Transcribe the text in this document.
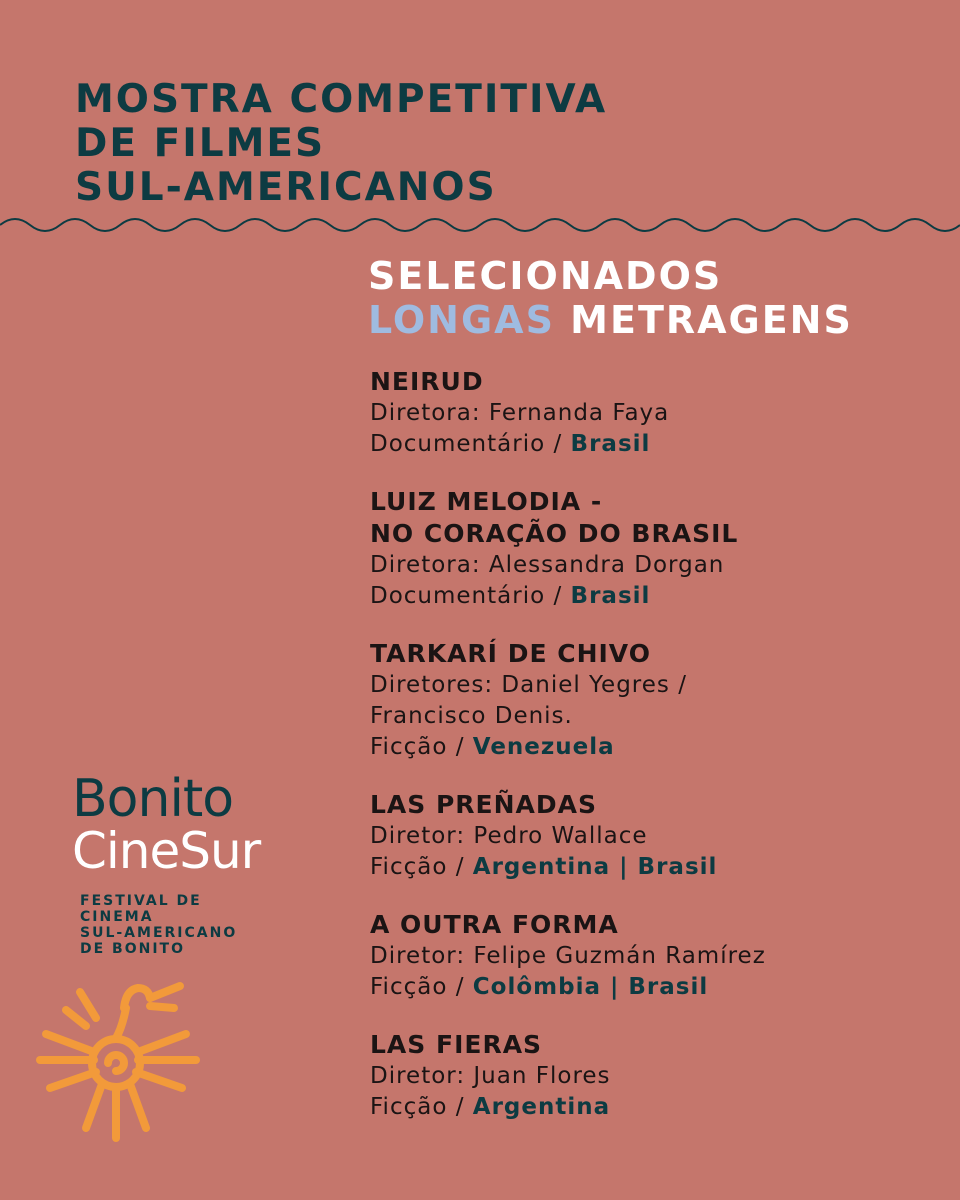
MOSTRA COMPETITIVA
DE FILMES
SUL-AMERICANOS
SELECIONADOS
LONGAS METRAGENS
NEIRUD
Diretora: Fernanda Faya
Documentário / Brasil
LUIZ MELODIA -
NO CORAÇÃO DO BRASIL
Diretora: Alessandra Dorgan
Documentário / Brasil
TARKARÍ DE CHIVO
Diretores: Daniel Yegres /
Francisco Denis.
Ficção / Venezuela
LAS PREÑADAS
Diretor: Pedro Wallace
Ficção / Argentina | Brasil
A OUTRA FORMA
Diretor: Felipe Guzmán Ramírez
Ficção / Colômbia | Brasil
LAS FIERAS
Diretor: Juan Flores
Ficção / Argentina
Bonito
CineSur
FESTIVAL DE
CINEMA
SUL-AMERICANO
DE BONITO
